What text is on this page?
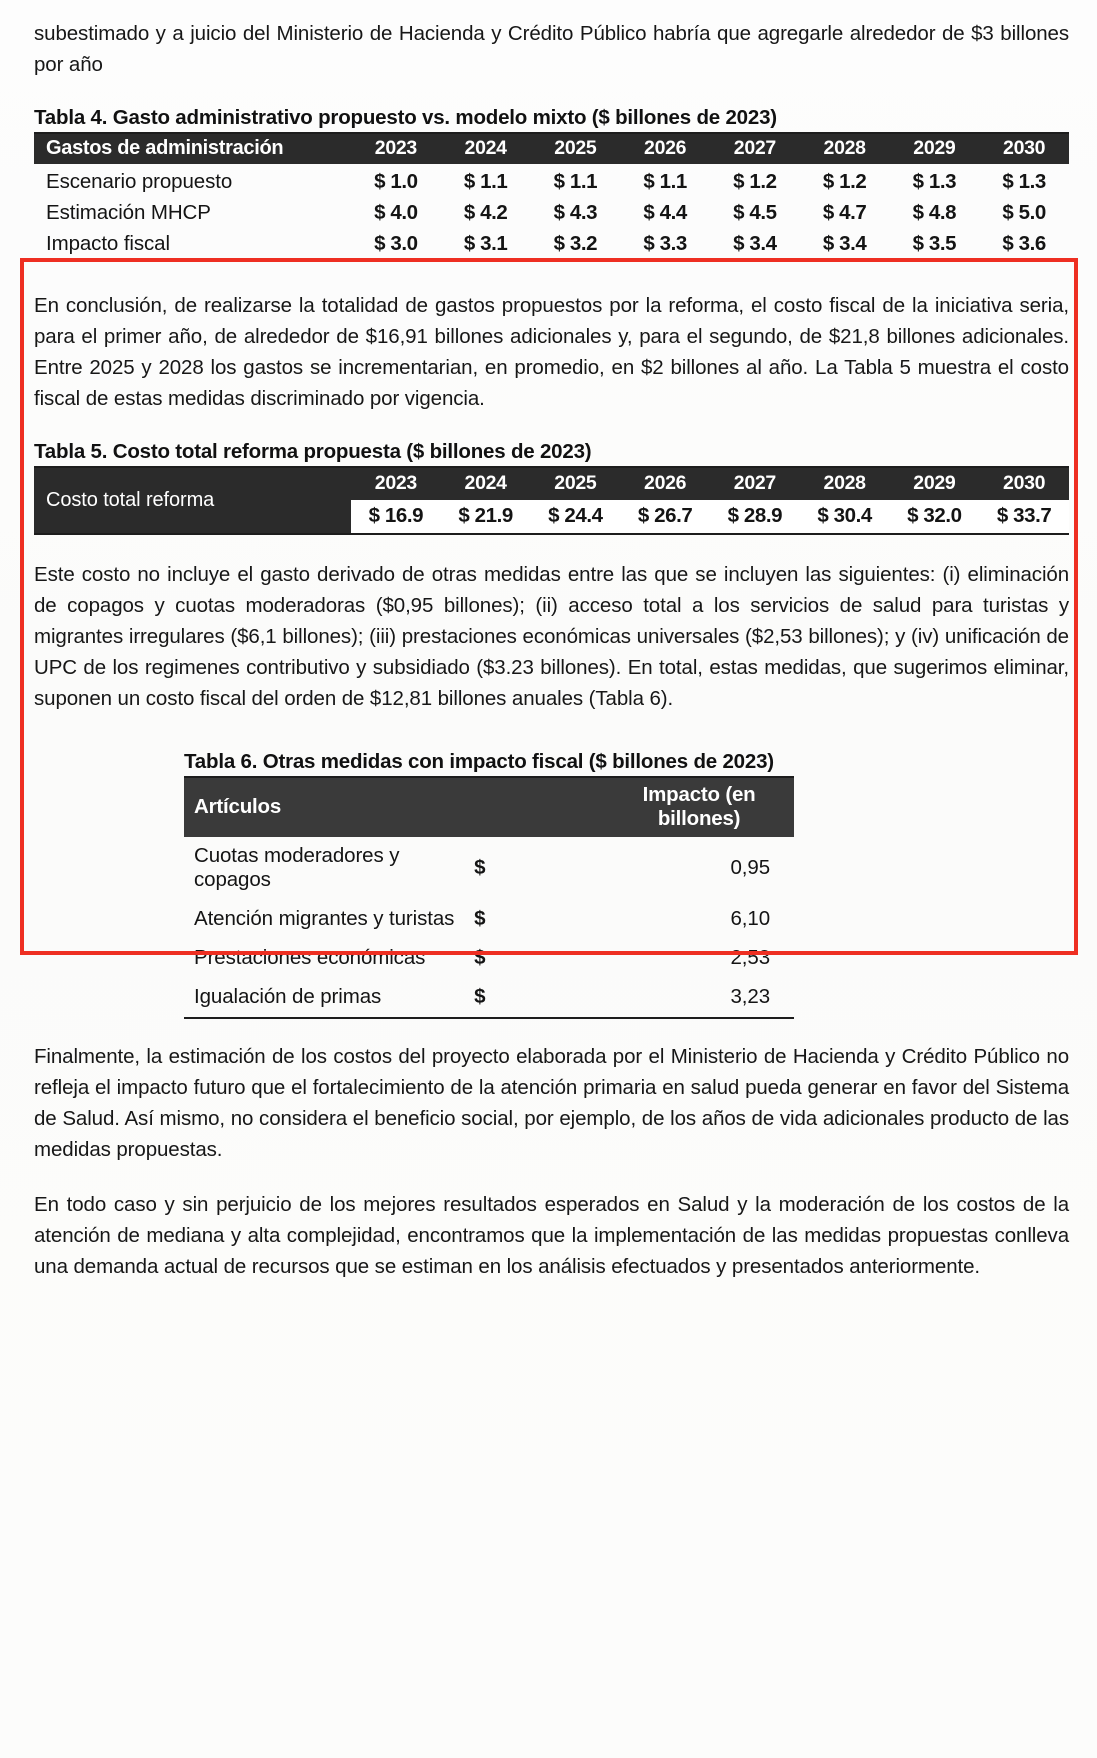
subestimado y a juicio del Ministerio de Hacienda y Crédito Público habría que agregarle alrededor de $3 billones por año

Tabla 4. Gasto administrativo propuesto vs. modelo mixto ($ billones de 2023)
Gastos de administración	2023	2024	2025	2026	2027	2028	2029	2030
Escenario propuesto	$ 1.0	$ 1.1	$ 1.1	$ 1.1	$ 1.2	$ 1.2	$ 1.3	$ 1.3
Estimación MHCP	$ 4.0	$ 4.2	$ 4.3	$ 4.4	$ 4.5	$ 4.7	$ 4.8	$ 5.0
Impacto fiscal	$ 3.0	$ 3.1	$ 3.2	$ 3.3	$ 3.4	$ 3.4	$ 3.5	$ 3.6

En conclusión, de realizarse la totalidad de gastos propuestos por la reforma, el costo fiscal de la iniciativa seria, para el primer año, de alrededor de $16,91 billones adicionales y, para el segundo, de $21,8 billones adicionales. Entre 2025 y 2028 los gastos se incrementarian, en promedio, en $2 billones al año. La Tabla 5 muestra el costo fiscal de estas medidas discriminado por vigencia.

Tabla 5. Costo total reforma propuesta ($ billones de 2023)
Costo total reforma	2023	2024	2025	2026	2027	2028	2029	2030
	$ 16.9	$ 21.9	$ 24.4	$ 26.7	$ 28.9	$ 30.4	$ 32.0	$ 33.7

Este costo no incluye el gasto derivado de otras medidas entre las que se incluyen las siguientes: (i) eliminación de copagos y cuotas moderadoras ($0,95 billones); (ii) acceso total a los servicios de salud para turistas y migrantes irregulares ($6,1 billones); (iii) prestaciones económicas universales ($2,53 billones); y (iv) unificación de UPC de los regimenes contributivo y subsidiado ($3.23 billones). En total, estas medidas, que sugerimos eliminar, suponen un costo fiscal del orden de $12,81 billones anuales (Tabla 6).

Tabla 6. Otras medidas con impacto fiscal ($ billones de 2023)
Artículos		Impacto (en billones)
Cuotas moderadores y copagos	$	0,95
Atención migrantes y turistas	$	6,10
Prestaciones económicas	$	2,53
Igualación de primas	$	3,23

Finalmente, la estimación de los costos del proyecto elaborada por el Ministerio de Hacienda y Crédito Público no refleja el impacto futuro que el fortalecimiento de la atención primaria en salud pueda generar en favor del Sistema de Salud. Así mismo, no considera el beneficio social, por ejemplo, de los años de vida adicionales producto de las medidas propuestas.

En todo caso y sin perjuicio de los mejores resultados esperados en Salud y la moderación de los costos de la atención de mediana y alta complejidad, encontramos que la implementación de las medidas propuestas conlleva una demanda actual de recursos que se estiman en los análisis efectuados y presentados anteriormente.
